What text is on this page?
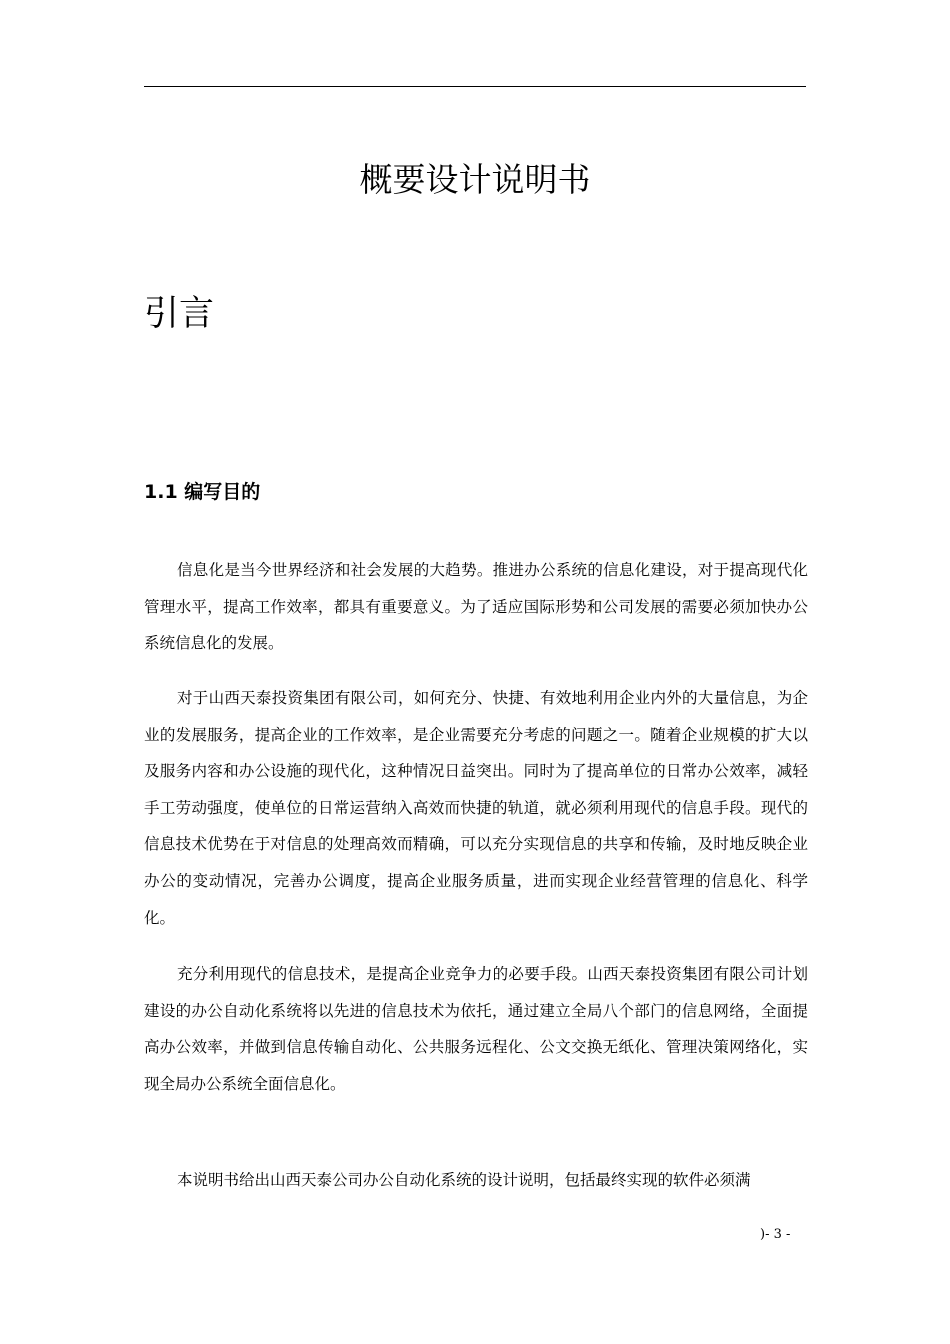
概要设计说明书
引言
1.1 编写目的

信息化是当今世界经济和社会发展的大趋势。推进办公系统的信息化建设，对于提高现代化管理水平，提高工作效率，都具有重要意义。为了适应国际形势和公司发展的需要必须加快办公系统信息化的发展。

对于山西天泰投资集团有限公司，如何充分、快捷、有效地利用企业内外的大量信息，为企业的发展服务，提高企业的工作效率，是企业需要充分考虑的问题之一。随着企业规模的扩大以及服务内容和办公设施的现代化，这种情况日益突出。同时为了提高单位的日常办公效率，减轻手工劳动强度，使单位的日常运营纳入高效而快捷的轨道，就必须利用现代的信息手段。现代的信息技术优势在于对信息的处理高效而精确，可以充分实现信息的共享和传输，及时地反映企业办公的变动情况，完善办公调度，提高企业服务质量，进而实现企业经营管理的信息化、科学化。

充分利用现代的信息技术，是提高企业竞争力的必要手段。山西天泰投资集团有限公司计划建设的办公自动化系统将以先进的信息技术为依托，通过建立全局八个部门的信息网络，全面提高办公效率，并做到信息传输自动化、公共服务远程化、公文交换无纸化、管理决策网络化，实现全局办公系统全面信息化。

本说明书给出山西天泰公司办公自动化系统的设计说明，包括最终实现的软件必须满

)- 3 -
